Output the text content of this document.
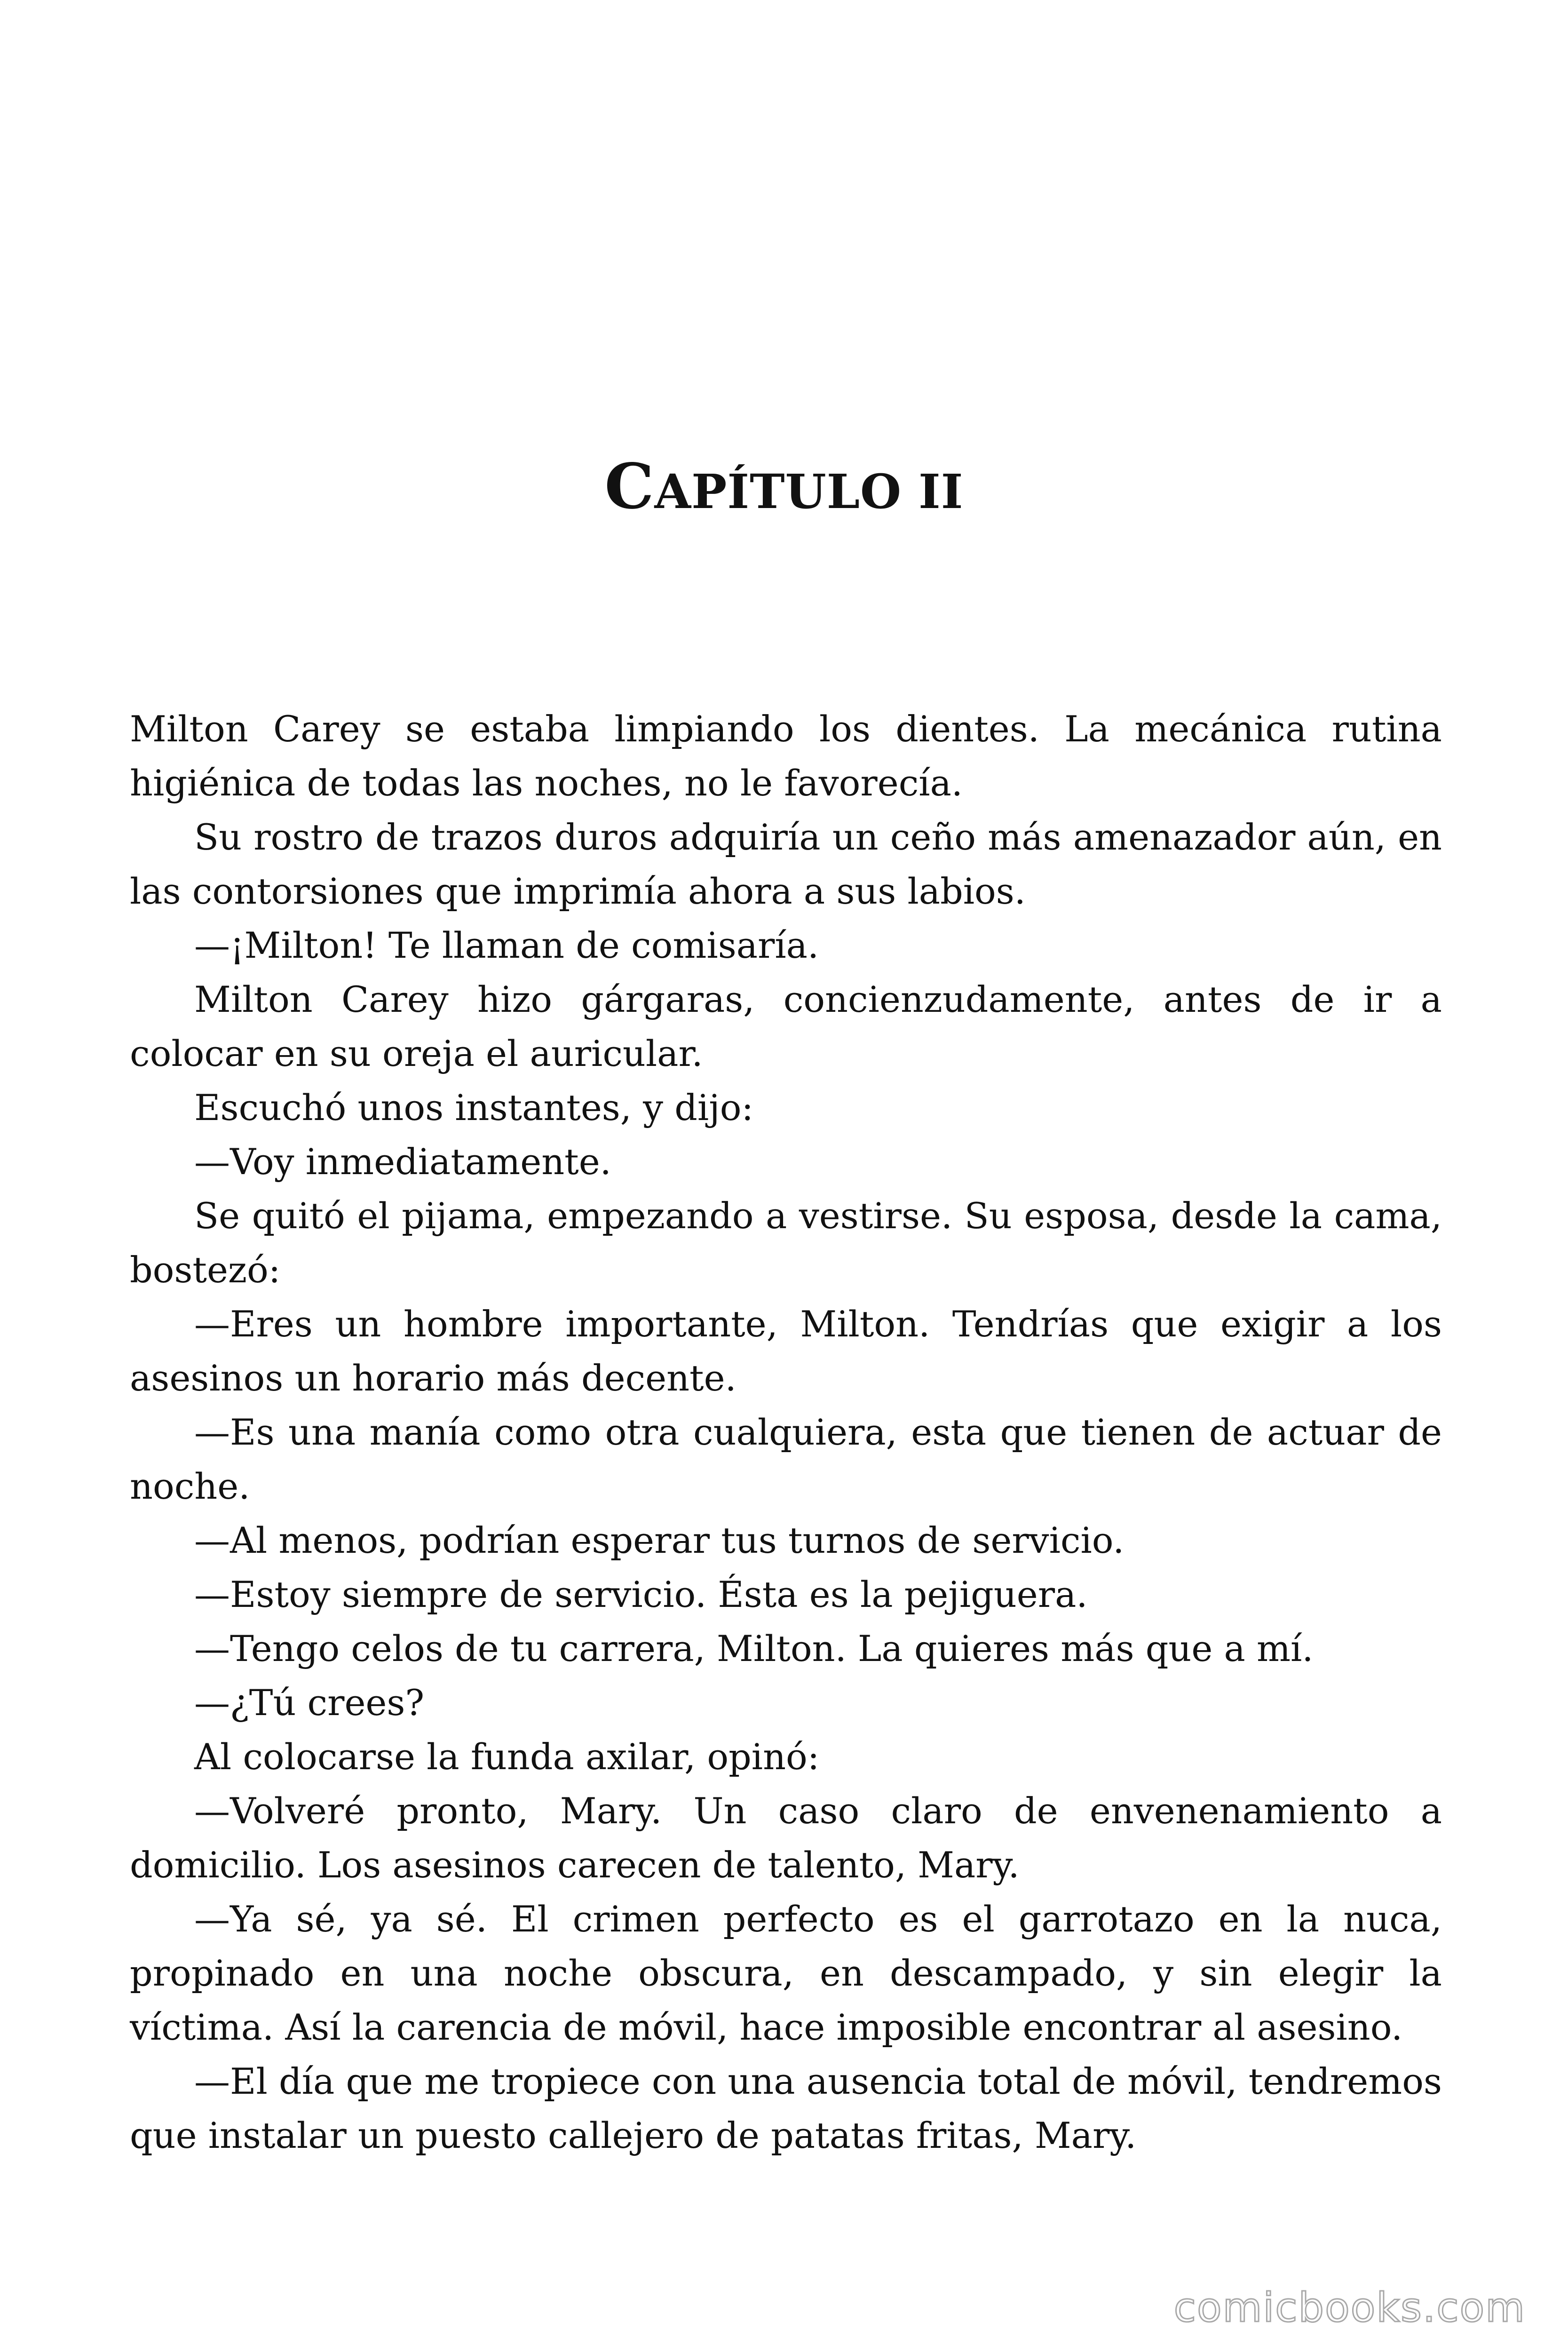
CAPÍTULO II

Milton Carey se estaba limpiando los dientes. La mecánica rutina higiénica de todas las noches, no le favorecía.

Su rostro de trazos duros adquiría un ceño más amenazador aún, en las contorsiones que imprimía ahora a sus labios.

—¡Milton! Te llaman de comisaría.

Milton Carey hizo gárgaras, concienzudamente, antes de ir a colocar en su oreja el auricular.

Escuchó unos instantes, y dijo:

—Voy inmediatamente.

Se quitó el pijama, empezando a vestirse. Su esposa, desde la cama, bostezó:

—Eres un hombre importante, Milton. Tendrías que exigir a los asesinos un horario más decente.

—Es una manía como otra cualquiera, esta que tienen de actuar de noche.

—Al menos, podrían esperar tus turnos de servicio.

—Estoy siempre de servicio. Ésta es la pejiguera.

—Tengo celos de tu carrera, Milton. La quieres más que a mí.

—¿Tú crees?

Al colocarse la funda axilar, opinó:

—Volveré pronto, Mary. Un caso claro de envenenamiento a domicilio. Los asesinos carecen de talento, Mary.

—Ya sé, ya sé. El crimen perfecto es el garrotazo en la nuca, propinado en una noche obscura, en descampado, y sin elegir la víctima. Así la carencia de móvil, hace imposible encontrar al asesino.

—El día que me tropiece con una ausencia total de móvil, tendremos que instalar un puesto callejero de patatas fritas, Mary.

comicbooks.com
